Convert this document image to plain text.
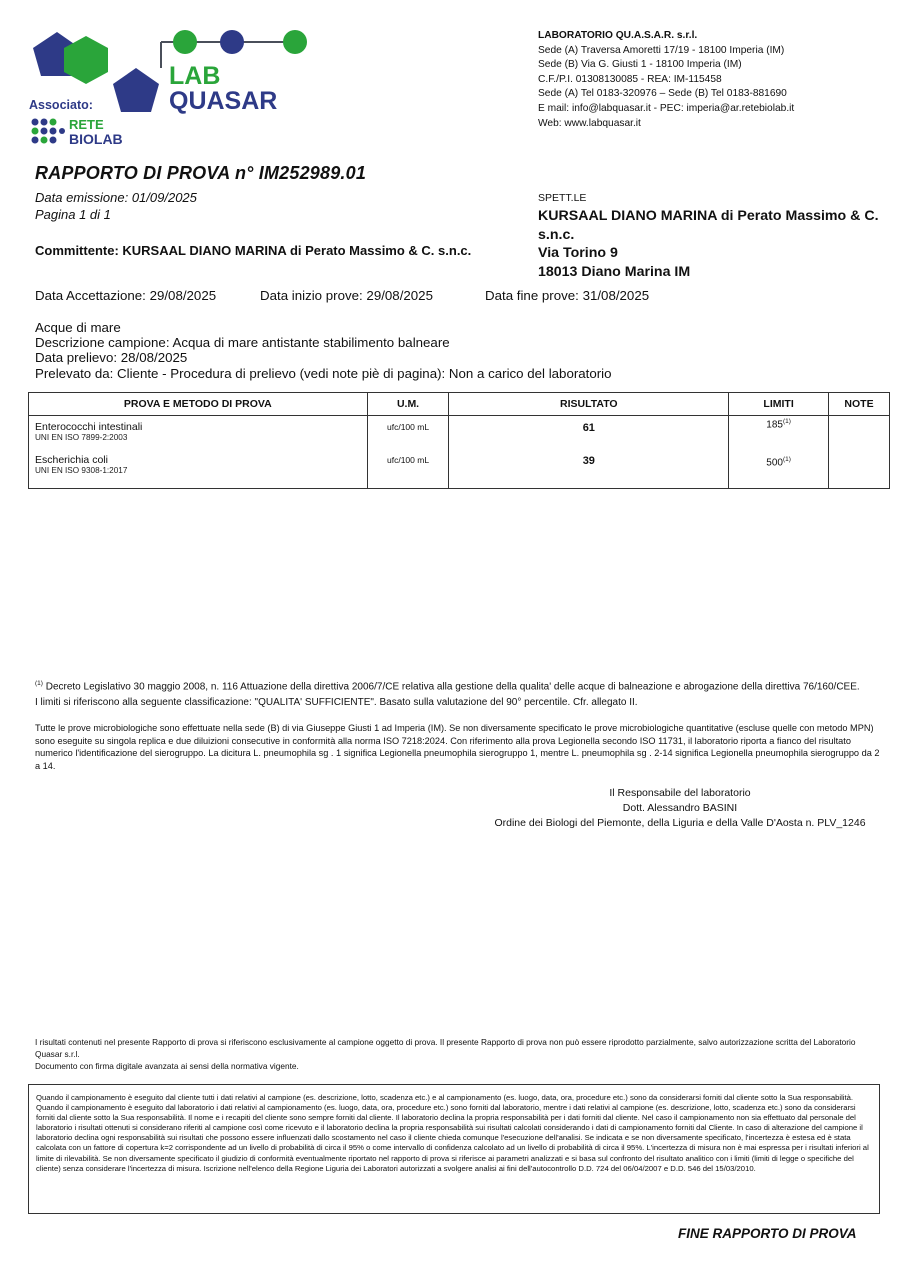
LAB
QUASAR
Associato:
RETE
BIOLAB
LABORATORIO QU.A.S.A.R. s.r.l.
Sede (A) Traversa Amoretti 17/19 - 18100 Imperia (IM)
Sede (B) Via G. Giusti 1 - 18100 Imperia (IM)
C.F./P.I. 01308130085 - REA: IM-115458
Sede (A) Tel 0183-320976 – Sede (B) Tel 0183-881690
E mail: info@labquasar.it - PEC: imperia@ar.retebiolab.it
Web: www.labquasar.it
RAPPORTO DI PROVA n° IM252989.01
Data emissione: 01/09/2025
Pagina 1 di 1
SPETT.LE
KURSAAL DIANO MARINA di Perato Massimo & C. s.n.c.
Via Torino 9
18013 Diano Marina IM
Committente: KURSAAL DIANO MARINA di Perato Massimo & C. s.n.c.
Data Accettazione: 29/08/2025	Data inizio prove: 29/08/2025	Data fine prove: 31/08/2025
Acque di mare
Descrizione campione: Acqua di mare antistante stabilimento balneare
Data prelievo: 28/08/2025
Prelevato da: Cliente - Procedura di prelievo (vedi note piè di pagina): Non a carico del laboratorio
PROVA E METODO DI PROVA	U.M.	RISULTATO	LIMITI	NOTE

Enterococchi intestinali
UNI EN ISO 7899-2:2003	ufc/100 mL	61	185$^{(1)}$	

Escherichia coli
UNI EN ISO 9308-1:2017	ufc/100 mL	39	500$^{(1)}$	
$^{(1)}$ Decreto Legislativo 30 maggio 2008, n. 116 Attuazione della direttiva 2006/7/CE relativa alla gestione della qualita' delle acque di balneazione e abrogazione della direttiva 76/160/CEE. I limiti si riferiscono alla seguente classificazione: "QUALITA' SUFFICIENTE". Basato sulla valutazione del 90° percentile. Cfr. allegato II.
Tutte le prove microbiologiche sono effettuate nella sede (B) di via Giuseppe Giusti 1 ad Imperia (IM). Se non diversamente specificato le prove microbiologiche quantitative (escluse quelle con metodo MPN) sono eseguite su singola replica e due diluizioni consecutive in conformità alla norma ISO 7218:2024. Con riferimento alla prova Legionella secondo ISO 11731, il laboratorio riporta a fianco del risultato numerico l'identificazione del sierogruppo. La dicitura L. pneumophila sg . 1 significa Legionella pneumophila sierogruppo 1, mentre L. pneumophila sg . 2-14 significa Legionella pneumophila sierogruppo da 2 a 14.
Il Responsabile del laboratorio
Dott. Alessandro BASINI
Ordine dei Biologi del Piemonte, della Liguria e della Valle D'Aosta n. PLV_1246
I risultati contenuti nel presente Rapporto di prova si riferiscono esclusivamente al campione oggetto di prova. Il presente Rapporto di prova non può essere riprodotto parzialmente, salvo autorizzazione scritta del Laboratorio Quasar s.r.l.
Documento con firma digitale avanzata ai sensi della normativa vigente.
Quando il campionamento è eseguito dal cliente tutti i dati relativi al campione (es. descrizione, lotto, scadenza etc.) e al campionamento (es. luogo, data, ora, procedure etc.) sono da considerarsi forniti dal cliente sotto la Sua responsabilità. Quando il campionamento è eseguito dal laboratorio i dati relativi al campionamento (es. luogo, data, ora, procedure etc.) sono forniti dal laboratorio, mentre i dati relativi al campione (es. descrizione, lotto, scadenza etc.) sono da considerarsi forniti dal cliente sotto la Sua responsabilità. Il nome e i recapiti del cliente sono sempre forniti dal cliente. Il laboratorio declina la propria responsabilità per i dati forniti dal cliente. Nel caso il campionamento non sia effettuato dal personale del laboratorio i risultati ottenuti si considerano riferiti al campione così come ricevuto e il laboratorio declina la propria responsabilità sui risultati calcolati considerando i dati di campionamento forniti dal Cliente. In caso di alterazione del campione il laboratorio declina ogni responsabilità sui risultati che possono essere influenzati dallo scostamento nel caso il cliente chieda comunque l'esecuzione dell'analisi. Se indicata e se non diversamente specificato, l'incertezza è estesa ed è stata calcolata con un fattore di copertura k=2 corrispondente ad un livello di probabilità di circa il 95% o come intervallo di confidenza calcolato ad un livello di probabilità di circa il 95%. L'incertezza di misura non è mai espressa per i risultati inferiori al limite di rilevabilità. Se non diversamente specificato il giudizio di conformità eventualmente riportato nel rapporto di prova si riferisce ai parametri analizzati e si basa sul confronto del risultato analitico con i limiti (limiti di legge o specifiche del cliente) senza considerare l'incertezza di misura. Iscrizione nell'elenco della Regione Liguria dei Laboratori autorizzati a svolgere analisi ai fini dell'autocontrollo D.D. 724 del 06/04/2007 e D.D. 546 del 15/03/2010.
FINE RAPPORTO DI PROVA
